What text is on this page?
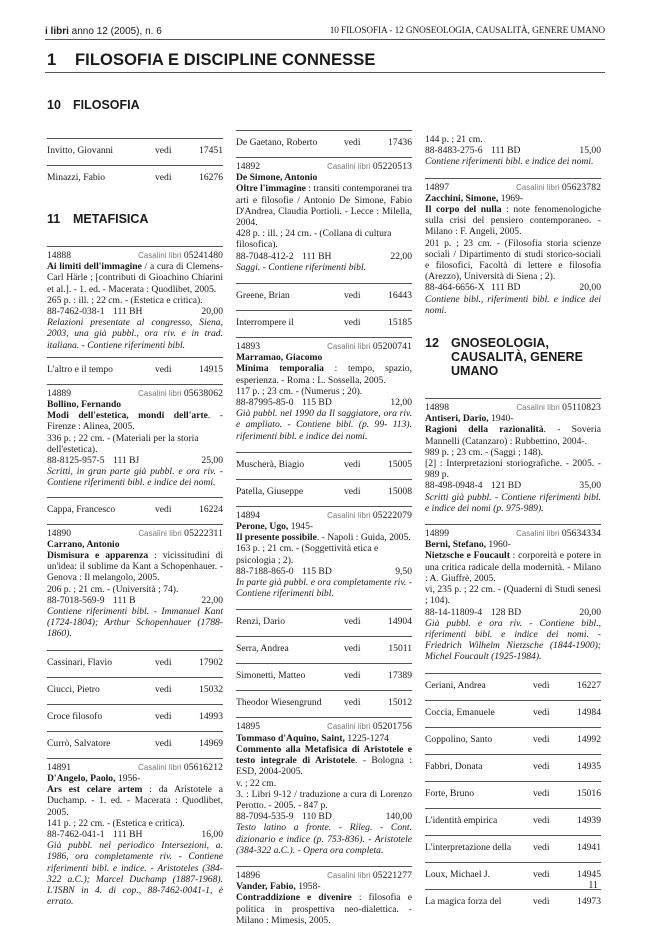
i libri anno 12 (2005), n. 6	10 FILOSOFIA - 12 GNOSEOLOGIA, CAUSALITÀ, GENERE UMANO
1 FILOSOFIA E DISCIPLINE CONNESSE
10 FILOSOFIA
Invitto, Giovanni	vedi	17451
Minazzi, Fabio	vedi	16276
11 METAFISICA
14888	Casalini libri 05241480
Ai limiti dell'immagine / a cura di Clemens-Carl Härle ; [contributi di Gioachino Chiarini et al.]. - 1. ed. - Macerata : Quodlibet, 2005.
265 p. : ill. ; 22 cm. - (Estetica e critica).
88-7462-038-1 111 BH	20,00
Relazioni presentate al congresso, Siena, 2003, una già pubbl., ora riv. e in trad. italiana. - Contiene riferimenti bibl.
L'altro e il tempo	vedi	14915
14889	Casalini libri 05638062
Bollino, Fernando
Modi dell'estetica, mondi dell'arte. - Firenze : Alinea, 2005.
336 p. ; 22 cm. - (Materiali per la storia dell'estetica).
88-8125-957-5 111 BJ	25,00
Scritti, in gran parte già pubbl. e ora riv. - Contiene riferimenti bibl. e indice dei nomi.
Cappa, Francesco	vedi	16224
14890	Casalini libri 05222311
Carrano, Antonio
Dismisura e apparenza : vicissitudini di un'idea: il sublime da Kant a Schopenhauer. - Genova : Il melangolo, 2005.
206 p. ; 21 cm. - (Università ; 74).
88-7018-569-9 111 B	22,00
Contiene riferimenti bibl. - Immanuel Kant (1724-1804); Arthur Schopenhauer (1788-1860).
Cassinari, Flavio	vedi	17902
Ciucci, Pietro	vedi	15032
Croce filosofo	vedi	14993
Currò, Salvatore	vedi	14969
14891	Casalini libri 05616212
D'Angelo, Paolo, 1956-
Ars est celare artem : da Aristotele a Duchamp. - 1. ed. - Macerata : Quodlibet, 2005.
141 p. ; 22 cm. - (Estetica e critica).
88-7462-041-1 111 BH	16,00
Già pubbl. nel periodico Intersezioni, a. 1986, ora completamente riv. - Contiene riferimenti bibl. e indice. - Aristoteles (384-322 a.C.); Marcel Duchamp (1887-1968). L'ISBN in 4. di cop., 88-7462-0041-1, è errato.
De Gaetano, Roberto	vedi	17436
14892	Casalini libri 05220513
De Simone, Antonio
Oltre l'immagine : transiti contemporanei tra arti e filosofie / Antonio De Simone, Fabio D'Andrea, Claudia Portioli. - Lecce : Milella, 2004.
428 p. : ill. ; 24 cm. - (Collana di cultura filosofica).
88-7048-412-2 111 BH	22,00
Saggi. - Contiene riferimenti bibl.
Greene, Brian	vedi	16443
Interrompere il	vedi	15185
14893	Casalini libri 05200741
Marramao, Giacomo
Minima temporalia : tempo, spazio, esperienza. - Roma : L. Sossella, 2005.
117 p. ; 23 cm. - (Numerus ; 20).
88-87995-85-0 115 BD	12,00
Già pubbl. nel 1990 da Il saggiatore, ora riv. e ampliato. - Contiene bibl. (p. 99- 113). riferimenti bibl. e indice dei nomi.
Muscherà, Biagio	vedi	15005
Patella, Giuseppe	vedi	15008
14894	Casalini libri 05222079
Perone, Ugo, 1945-
Il presente possibile. - Napoli : Guida, 2005.
163 p. ; 21 cm. - (Soggettività etica e psicologia ; 2).
88-7188-865-0 115 BD	9,50
In parte già pubbl. e ora completamente riv. - Contiene riferimenti bibl.
Renzi, Dario	vedi	14904
Serra, Andrea	vedi	15011
Simonetti, Matteo	vedi	17389
Theodor Wiesengrund	vedi	15012
14895	Casalini libri 05201756
Tommaso d'Aquino, Saint, 1225-1274
Commento alla Metafisica di Aristotele e testo integrale di Aristotele. - Bologna : ESD, 2004-2005.
v. ; 22 cm.
3. : Libri 9-12 / traduzione a cura di Lorenzo Perotto. - 2005. - 847 p.
88-7094-535-9 110 BD	140,00
Testo latino a fronte. - Rileg. - Cont. dizionario e indice (p. 753-836). - Aristotele (384-322 a.C.). - Opera ora completa.
14896	Casalini libri 05221277
Vander, Fabio, 1958-
Contraddizione e divenire : filosofia e politica in prospettiva neo-dialettica. - Milano : Mimesis, 2005.
144 p. ; 21 cm.
88-8483-275-6 111 BD	15,00
Contiene riferimenti bibl. e indice dei nomi.
14897	Casalini libri 05623782
Zacchini, Simone, 1969-
Il corpo del nulla : note fenomenologiche sulla crisi del pensiero contemporaneo. - Milano : F. Angeli, 2005.
201 p. ; 23 cm. - (Filosofia storia scienze sociali / Dipartimento di studi storico-sociali e filosofici, Facoltà di lettere e filosofia (Arezzo), Università di Siena ; 2).
88-464-6656-X 111 BD	20,00
Contiene bibl., riferimenti bibl. e indice dei nomi.
12 GNOSEOLOGIA, CAUSALITÀ, GENERE UMANO
14898	Casalini libri 05110823
Antiseri, Dario, 1940-
Ragioni della razionalità. - Soveria Mannelli (Catanzaro) : Rubbettino, 2004-.
989 p. ; 23 cm. - (Saggi ; 148).
[2] : Interpretazioni storiografiche. - 2005. - 989 p.
88-498-0948-4 121 BD	35,00
Scritti già pubbl. - Contiene riferimenti bibl. e indice dei nomi (p. 975-989).
14899	Casalini libri 05634334
Berni, Stefano, 1960-
Nietzsche e Foucault : corporeità e potere in una critica radicale della modernità. - Milano : A. Giuffrè, 2005.
vi, 235 p. ; 22 cm. - (Quaderni di Studi senesi ; 104).
88-14-11809-4 128 BD	20,00
Già pubbl. e ora riv. - Contiene bibl., riferimenti bibl. e indice dei nomi. - Friedrich Wilhelm Nietzsche (1844-1900); Michel Foucault (1925-1984).
Ceriani, Andrea	vedi	16227
Coccia, Emanuele	vedi	14984
Coppolino, Santo	vedi	14992
Fabbri, Donata	vedi	14935
Forte, Bruno	vedi	15016
L'identità empirica	vedi	14939
L'interpretazione della	vedi	14941
Loux, Michael J.	vedi	14945
La magica forza del	vedi	14973
11
